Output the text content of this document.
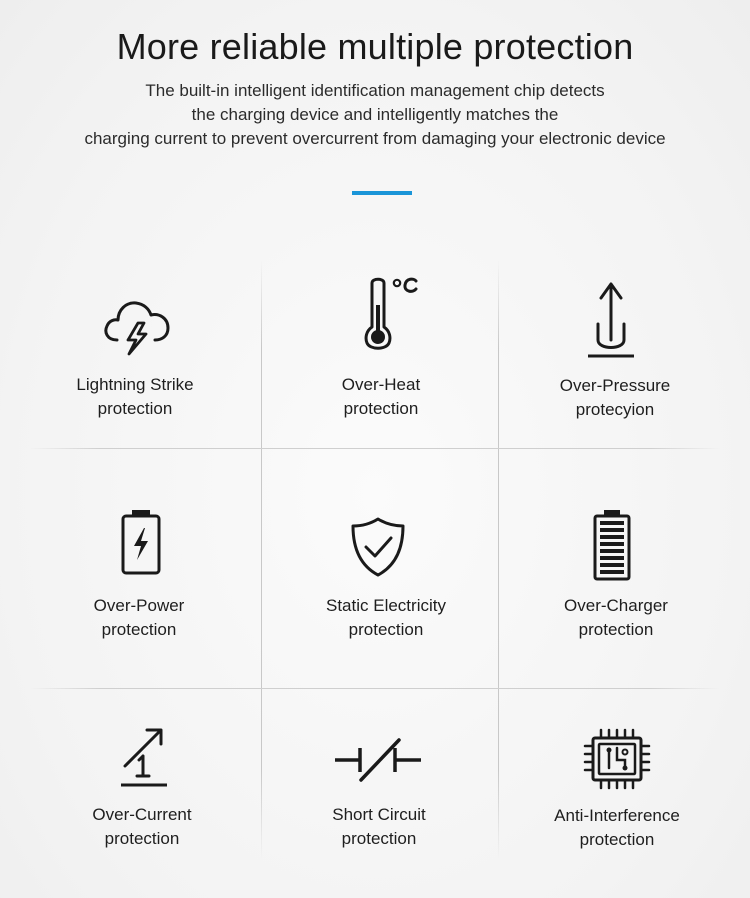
More reliable multiple protection

The built-in intelligent identification management chip detects
the charging device and intelligently matches the
charging current to prevent overcurrent from damaging your electronic device

Lightning Strike
protection
Over-Heat
protection
Over-Pressure
protecyion
Over-Power
protection
Static Electricity
protection
Over-Charger
protection
Over-Current
protection
Short Circuit
protection
Anti-Interference
protection
